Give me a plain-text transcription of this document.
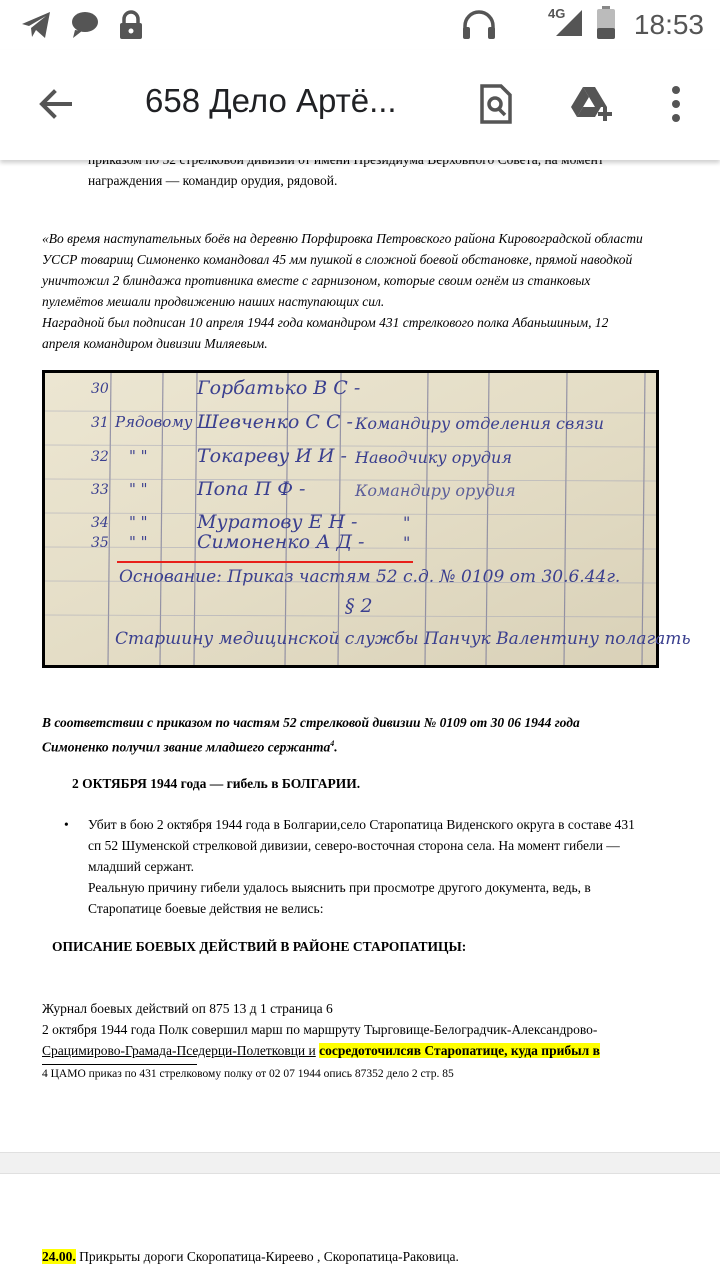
4G 18:53
658 Дело Артё...
награждения — командир орудия, рядовой.
«Во время наступательных боёв на деревню Порфировка Петровского района Кировоградской области
УССР товарищ Симоненко командовал 45 мм пушкой в сложной боевой обстановке, прямой наводкой
уничтожил 2 блиндажа противника вместе с гарнизоном, которые своим огнём из станковых
пулемётов мешали продвижению наших наступающих сил.
Наградной был подписан 10 апреля 1944 года командиром 431 стрелкового полка Абаньшиным, 12
апреля командиром дивизии Миляевым.
30	Горбатько В С -
31 Рядовому Шевченко С С - Командиру отделения связи
32 " "	Токареву И И - Наводчику орудия
33 " "	Попа П Ф -	Командиру орудия
34 " "	Муратову Е Н -	"
35 " "	Симоненко А Д - "
Основание: Приказ частям 52 с.д. № 0109 от 30.6.44г.
§ 2
Старшину медицинской службы Панчук Валентину полагать
В соответствии с приказом по частям 52 стрелковой дивизии № 0109 от 30 06 1944 года
Симоненко получил звание младшего сержанта$^4$.
2 ОКТЯБРЯ 1944 года — гибель в БОЛГАРИИ.
• Убит в бою 2 октября 1944 года в Болгарии,село Старопатица Виденского округа в составе 431
сп 52 Шуменской стрелковой дивизии, северо-восточная сторона села. На момент гибели —
младший сержант.
Реальную причину гибели удалось выяснить при просмотре другого документа, ведь, в
Старопатице боевые действия не велись:
ОПИСАНИЕ БОЕВЫХ ДЕЙСТВИЙ В РАЙОНЕ СТАРОПАТИЦЫ:
Журнал боевых действий оп 875 13 д 1 страница 6
2 октября 1944 года Полк совершил марш по маршруту Тырговище-Белоградчик-Александрово-
Срацимирово-Грамада-Пседерци-Полетковци и сосредоточилсяв Старопатице, куда прибыл в
4 ЦАМО приказ по 431 стрелковому полку от 02 07 1944 опись 87352 дело 2 стр. 85
24.00. Прикрыты дороги Скоропатица-Киреево , Скоропатица-Раковица.
